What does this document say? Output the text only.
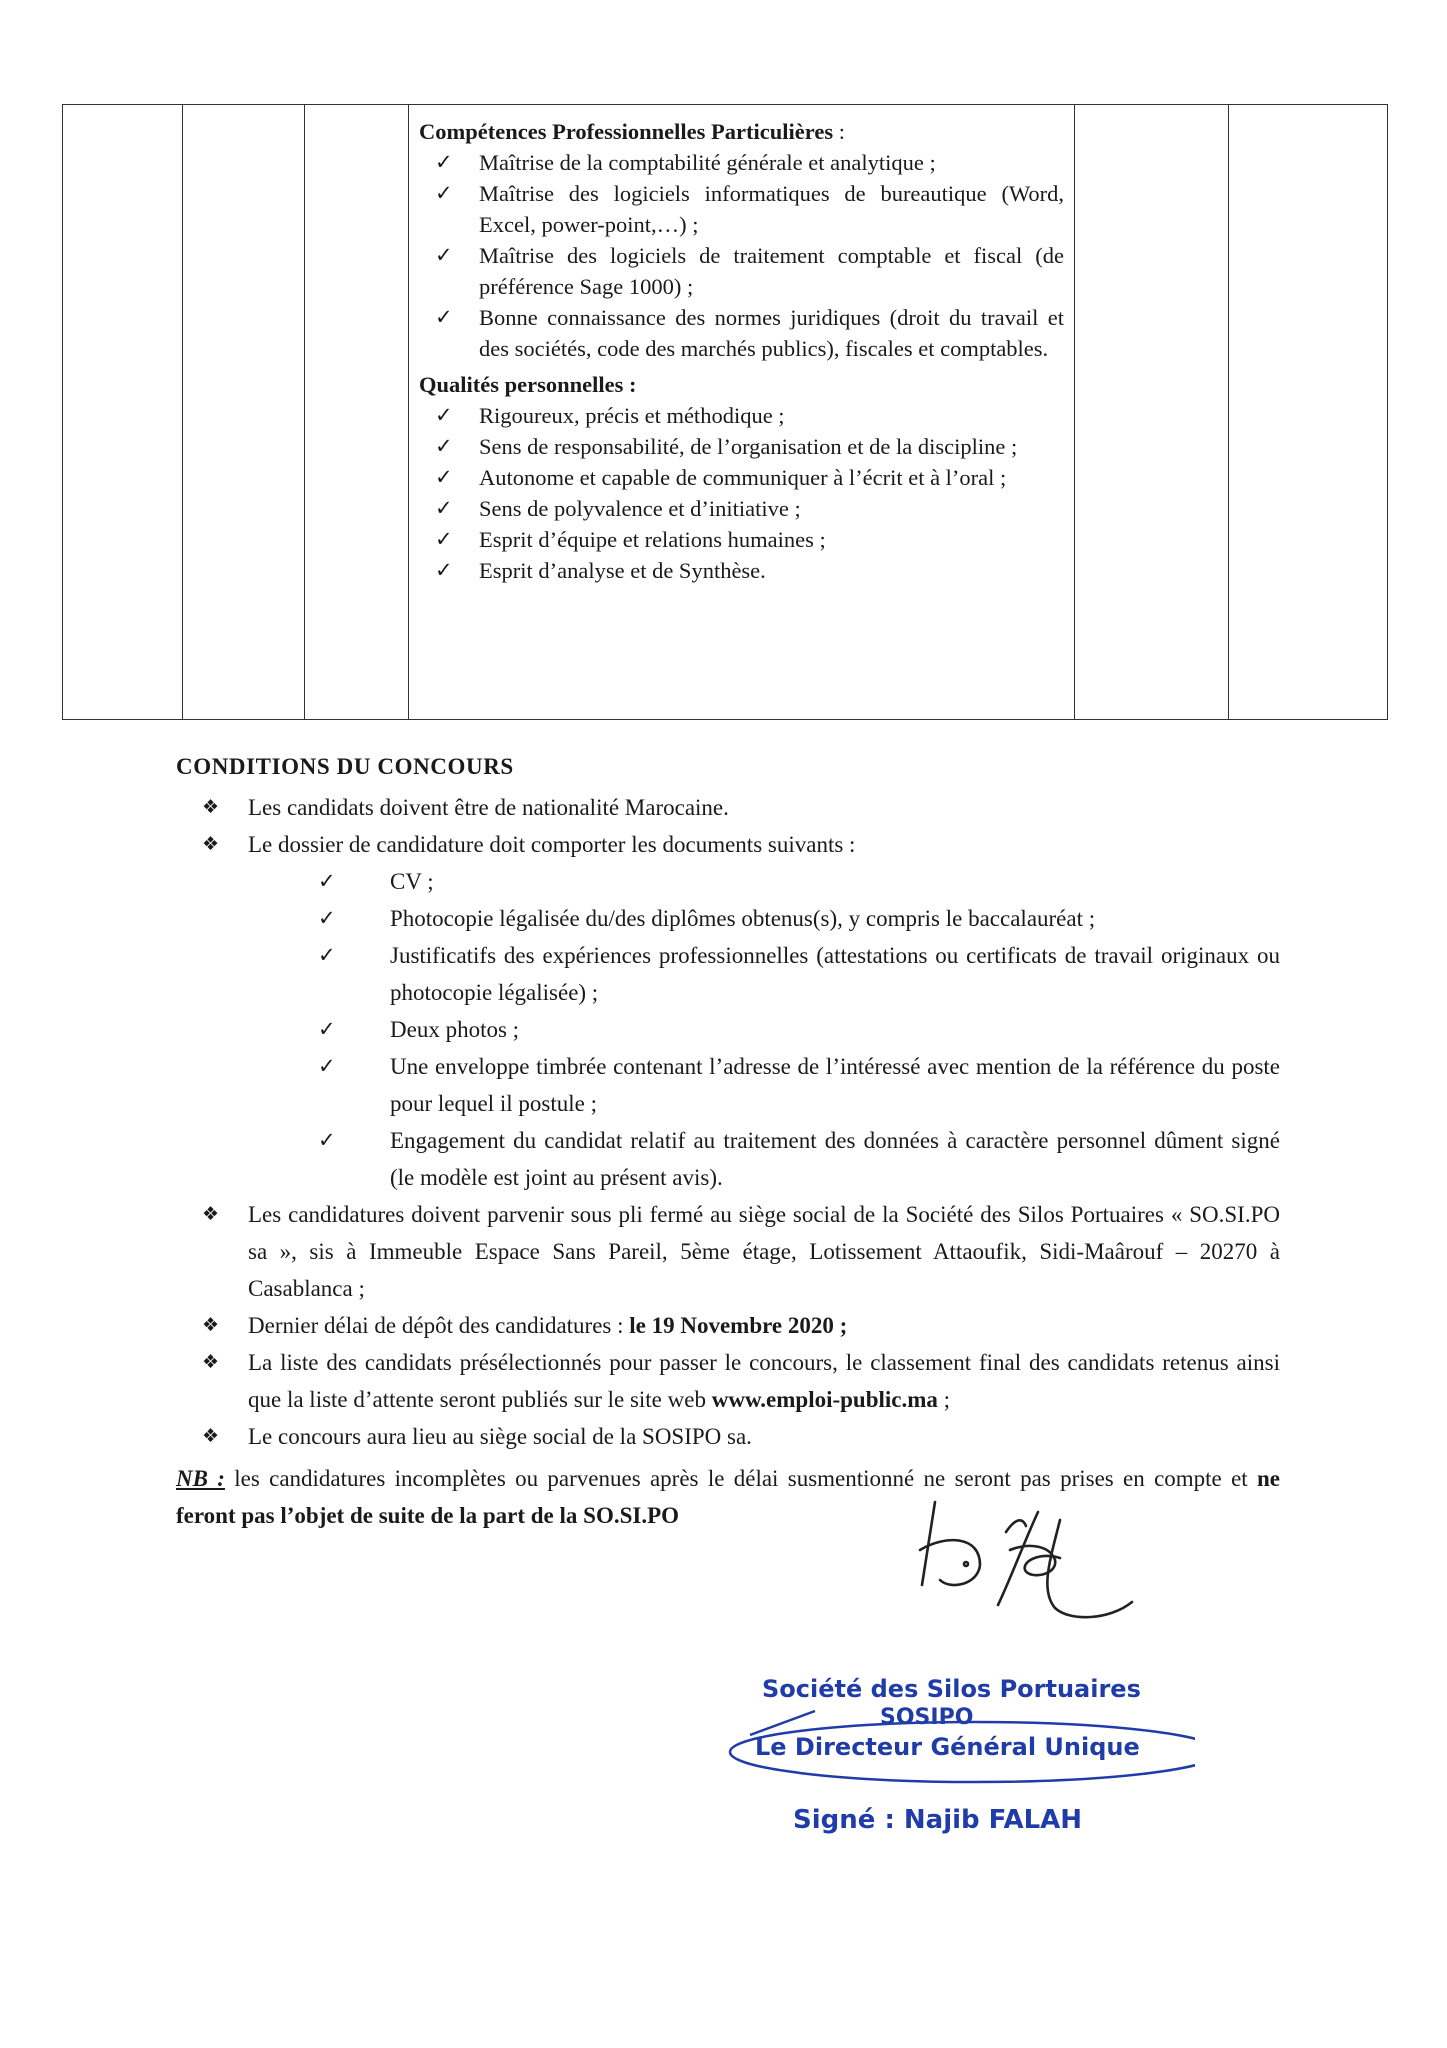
Compétences Professionnelles Particulières :

✓ Maîtrise de la comptabilité générale et analytique ;
✓ Maîtrise des logiciels informatiques de bureautique (Word, Excel, power-point,…) ;
✓ Maîtrise des logiciels de traitement comptable et fiscal (de préférence Sage 1000) ;
✓ Bonne connaissance des normes juridiques (droit du travail et des sociétés, code des marchés publics), fiscales et comptables.

Qualités personnelles :

✓ Rigoureux, précis et méthodique ;
✓ Sens de responsabilité, de l’organisation et de la discipline ;
✓ Autonome et capable de communiquer à l’écrit et à l’oral ;
✓ Sens de polyvalence et d’initiative ;
✓ Esprit d’équipe et relations humaines ;
✓ Esprit d’analyse et de Synthèse.
CONDITIONS DU CONCOURS
❖ Les candidats doivent être de nationalité Marocaine.
❖ Le dossier de candidature doit comporter les documents suivants :
✓ CV ;
✓ Photocopie légalisée du/des diplômes obtenus(s), y compris le baccalauréat ;
✓ Justificatifs des expériences professionnelles (attestations ou certificats de travail originaux ou photocopie légalisée) ;
✓ Deux photos ;
✓ Une enveloppe timbrée contenant l’adresse de l’intéressé avec mention de la référence du poste pour lequel il postule ;
✓ Engagement du candidat relatif au traitement des données à caractère personnel dûment signé (le modèle est joint au présent avis).
❖ Les candidatures doivent parvenir sous pli fermé au siège social de la Société des Silos Portuaires « SO.SI.PO sa », sis à Immeuble Espace Sans Pareil, 5ème étage, Lotissement Attaoufik, Sidi-Maârouf – 20270 à Casablanca ;
❖ Dernier délai de dépôt des candidatures : le 19 Novembre 2020 ;
❖ La liste des candidats présélectionnés pour passer le concours, le classement final des candidats retenus ainsi que la liste d’attente seront publiés sur le site web www.emploi-public.ma ;
❖ Le concours aura lieu au siège social de la SOSIPO sa.

NB : les candidatures incomplètes ou parvenues après le délai susmentionné ne seront pas prises en compte et ne feront pas l’objet de suite de la part de la SO.SI.PO

Société des Silos Portuaires
SOSIPO
Le Directeur Général Unique
Signé : Najib FALAH
